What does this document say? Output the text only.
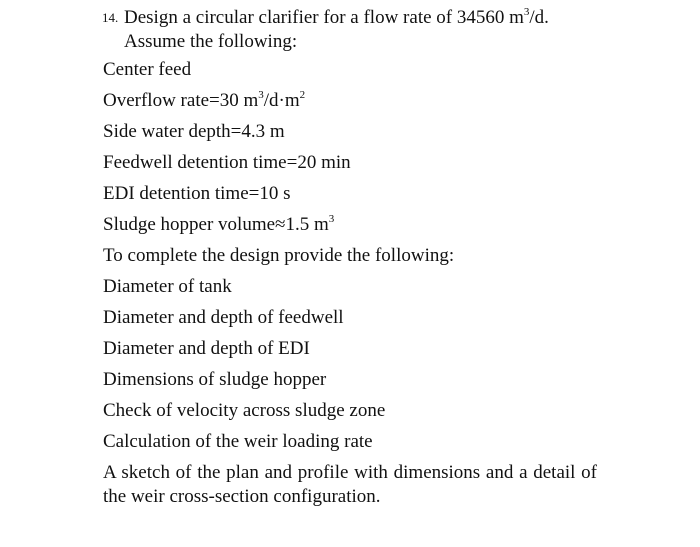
14. Design a circular clarifier for a flow rate of 34560 $m^3/d$.
Assume the following:
Center feed
Overflow rate=30 $m^3/d\cdot m^2$
Side water depth=4.3 m
Feedwell detention time=20 min
EDI detention time=10 s
Sludge hopper volume≈1.5 $m^3$
To complete the design provide the following:
Diameter of tank
Diameter and depth of feedwell
Diameter and depth of EDI
Dimensions of sludge hopper
Check of velocity across sludge zone
Calculation of the weir loading rate
A sketch of the plan and profile with dimensions and a detail of the weir cross-section configuration.
